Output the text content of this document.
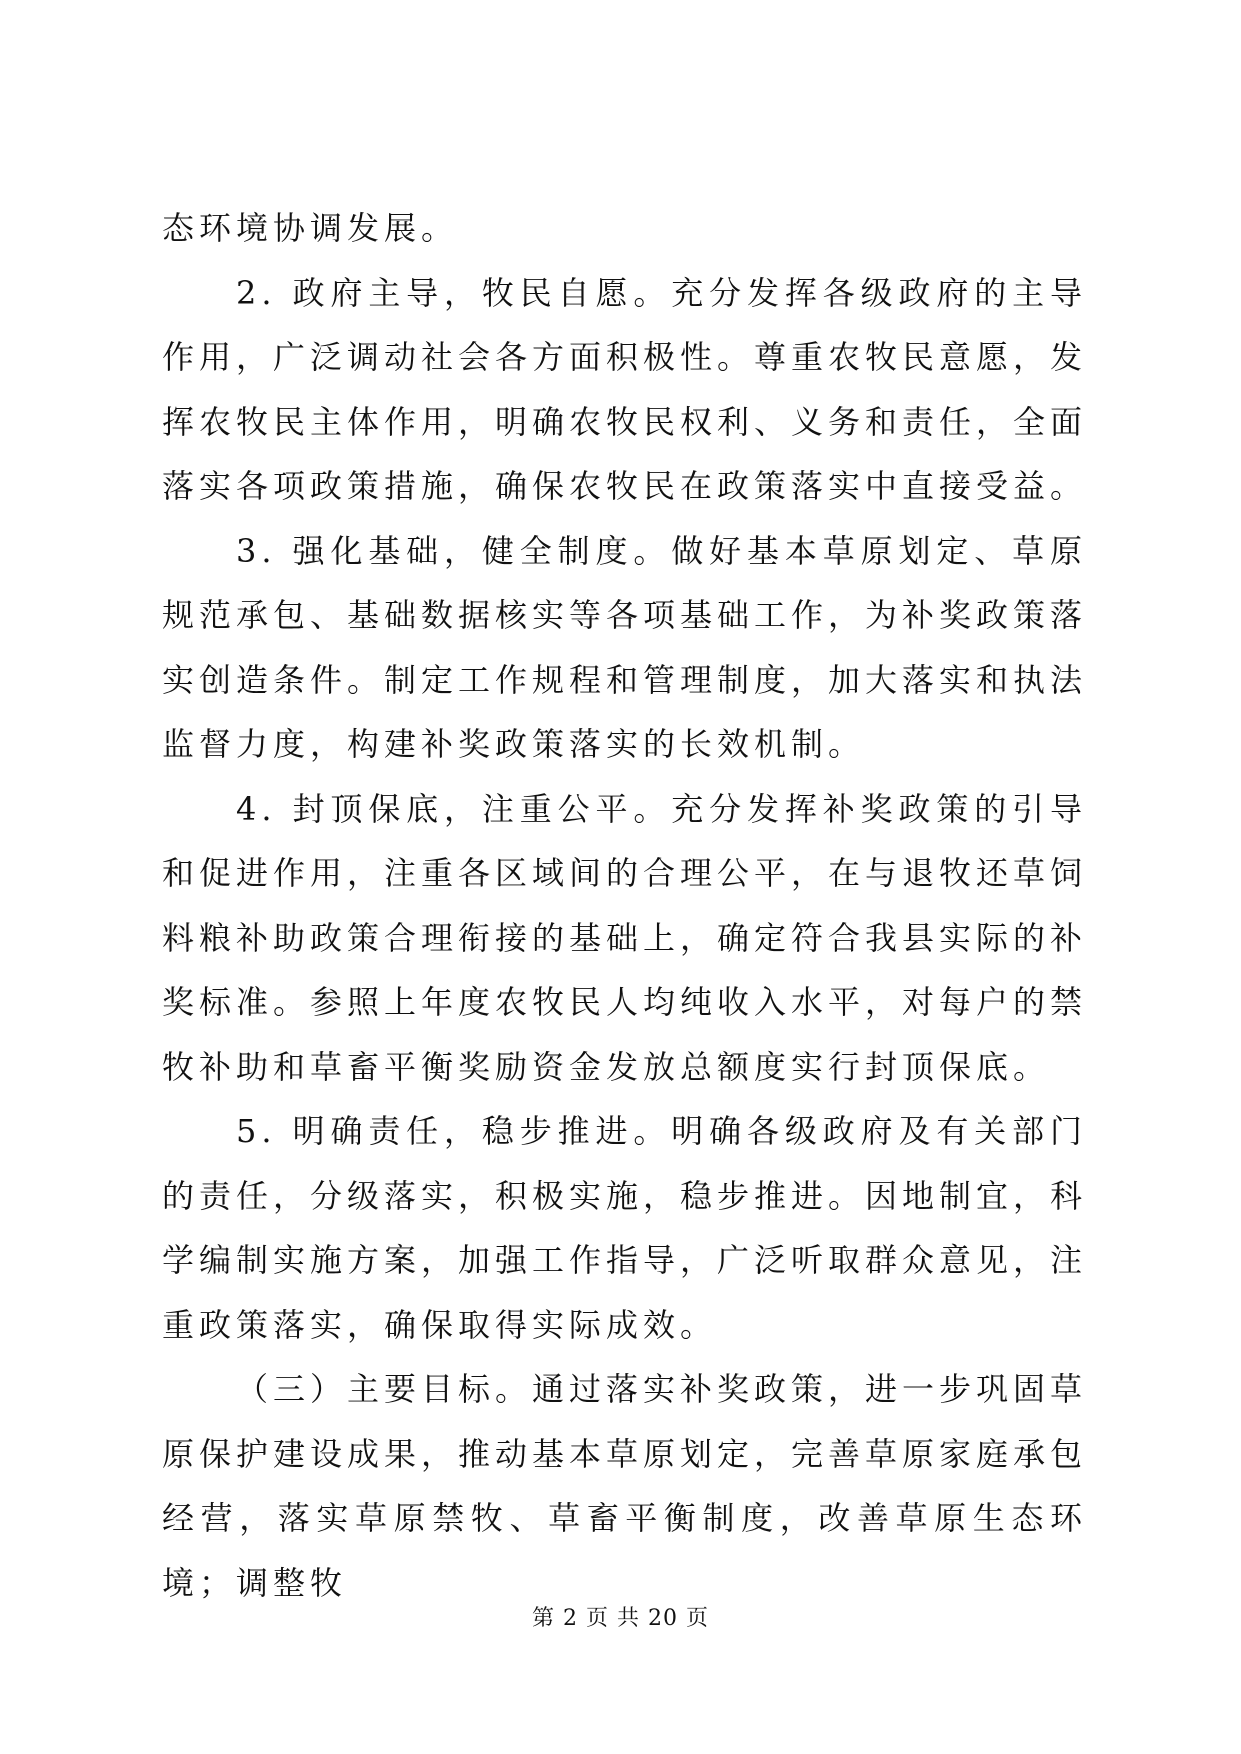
态环境协调发展。

2. 政府主导，牧民自愿。充分发挥各级政府的主导作用，广泛调动社会各方面积极性。尊重农牧民意愿，发挥农牧民主体作用，明确农牧民权利、义务和责任，全面落实各项政策措施，确保农牧民在政策落实中直接受益。

3. 强化基础，健全制度。做好基本草原划定、草原规范承包、基础数据核实等各项基础工作，为补奖政策落实创造条件。制定工作规程和管理制度，加大落实和执法监督力度，构建补奖政策落实的长效机制。

4. 封顶保底，注重公平。充分发挥补奖政策的引导和促进作用，注重各区域间的合理公平，在与退牧还草饲料粮补助政策合理衔接的基础上，确定符合我县实际的补奖标准。参照上年度农牧民人均纯收入水平，对每户的禁牧补助和草畜平衡奖励资金发放总额度实行封顶保底。

5. 明确责任，稳步推进。明确各级政府及有关部门的责任，分级落实，积极实施，稳步推进。因地制宜，科学编制实施方案，加强工作指导，广泛听取群众意见，注重政策落实，确保取得实际成效。

（三）主要目标。通过落实补奖政策，进一步巩固草原保护建设成果，推动基本草原划定，完善草原家庭承包经营，落实草原禁牧、草畜平衡制度，改善草原生态环境；调整牧

第 2 页 共 20 页
